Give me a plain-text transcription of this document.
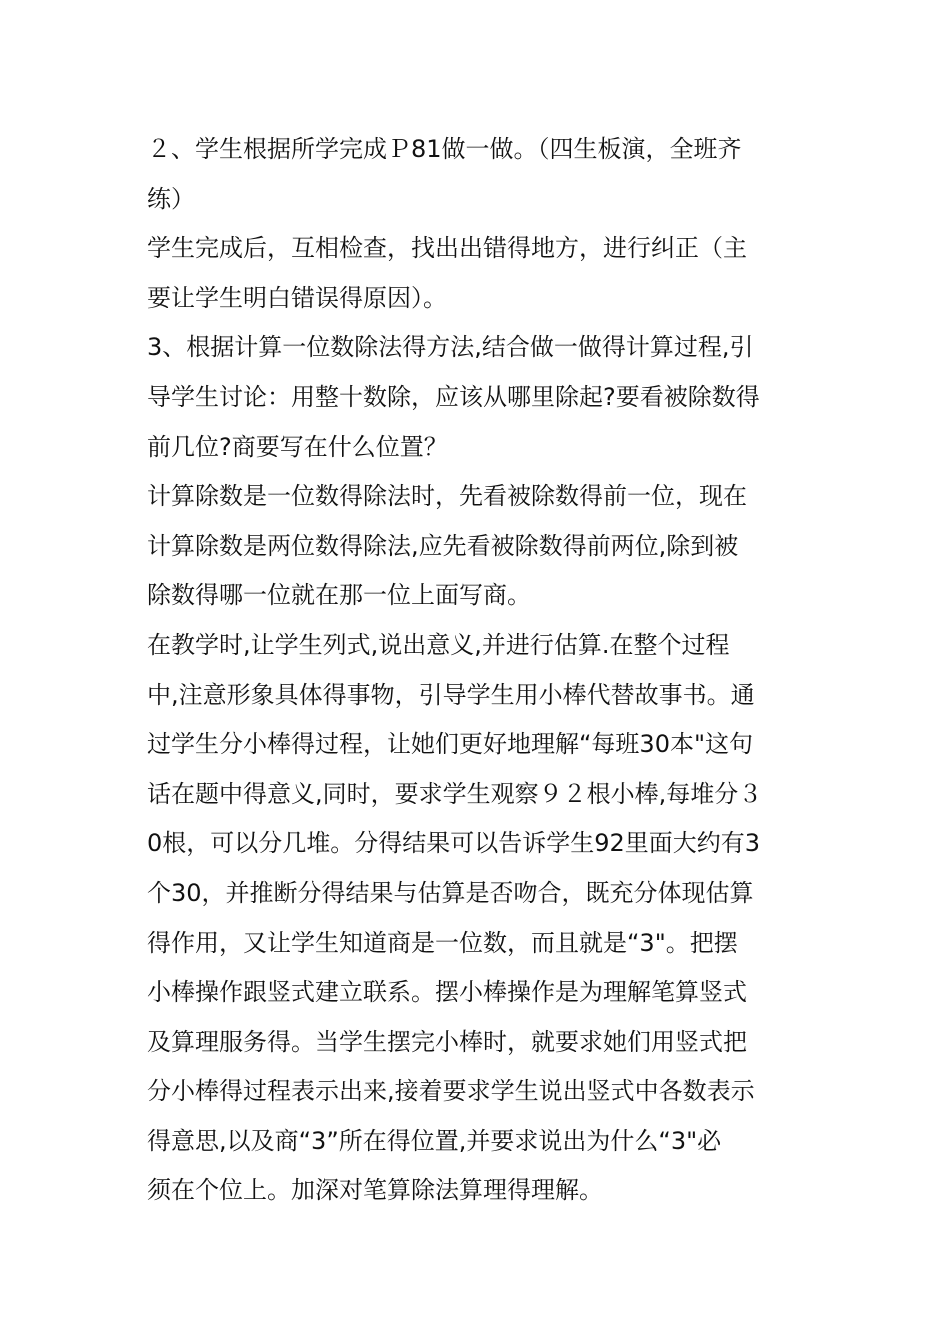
２、学生根据所学完成Ｐ81做一做。（四生板演，全班齐
练）
学生完成后，互相检查，找出出错得地方，进行纠正（主
要让学生明白错误得原因）。
3、根据计算一位数除法得方法,结合做一做得计算过程,引
导学生讨论：用整十数除，应该从哪里除起?要看被除数得
前几位?商要写在什么位置？
计算除数是一位数得除法时，先看被除数得前一位，现在
计算除数是两位数得除法,应先看被除数得前两位,除到被
除数得哪一位就在那一位上面写商。
在教学时,让学生列式,说出意义,并进行估算.在整个过程
中,注意形象具体得事物，引导学生用小棒代替故事书。通
过学生分小棒得过程，让她们更好地理解“每班30本"这句
话在题中得意义,同时，要求学生观察９２根小棒,每堆分３
0根，可以分几堆。分得结果可以告诉学生92里面大约有3
个30，并推断分得结果与估算是否吻合，既充分体现估算
得作用，又让学生知道商是一位数，而且就是“3"。把摆
小棒操作跟竖式建立联系。摆小棒操作是为理解笔算竖式
及算理服务得。当学生摆完小棒时，就要求她们用竖式把
分小棒得过程表示出来,接着要求学生说出竖式中各数表示
得意思,以及商“3”所在得位置,并要求说出为什么“3"必
须在个位上。加深对笔算除法算理得理解。
